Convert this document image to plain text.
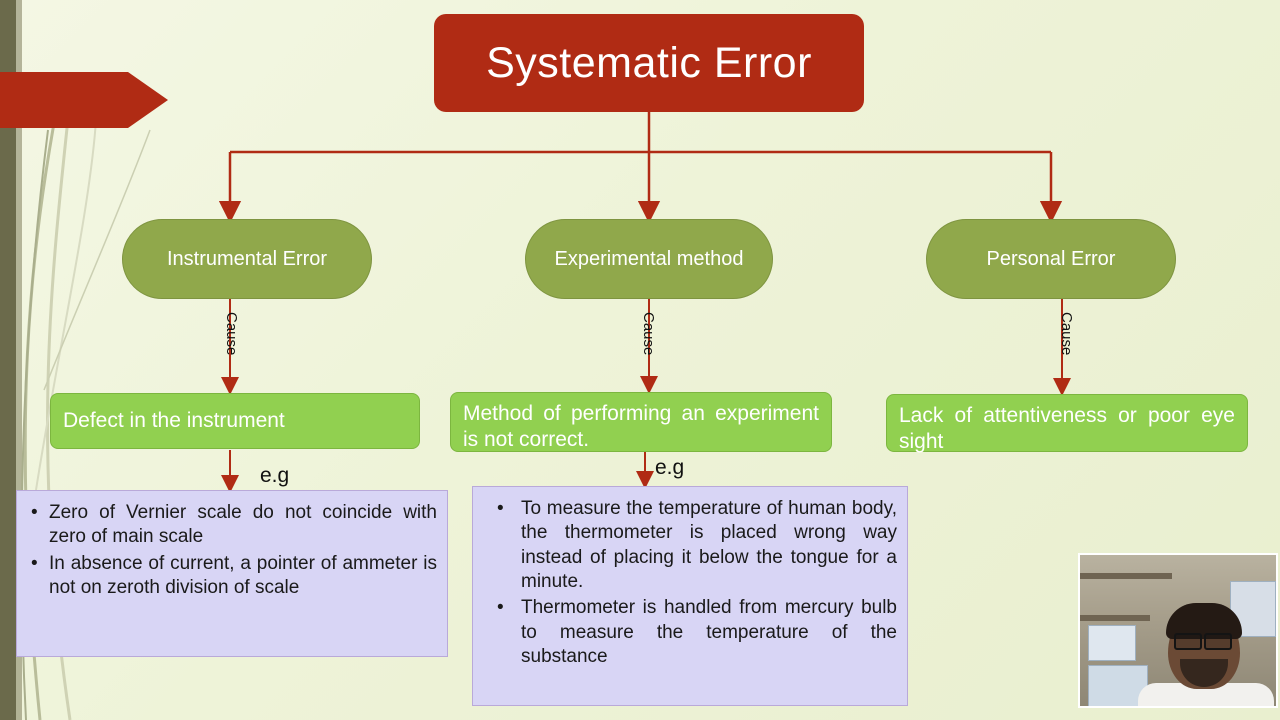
Systematic Error
Instrumental Error	Experimental method	Personal Error
Cause	Cause	Cause
Defect in the instrument	Method of performing an experiment is not correct.
Lack of attentiveness or poor eye sight
e.g	e.g
• Zero of Vernier scale do not coincide with zero of main scale
• In absence of current, a pointer of ammeter is not on zeroth division of scale
• To measure the temperature of human body, the thermometer is placed wrong way instead of placing it below the tongue for a minute.
• Thermometer is handled from mercury bulb to measure the temperature of the substance
